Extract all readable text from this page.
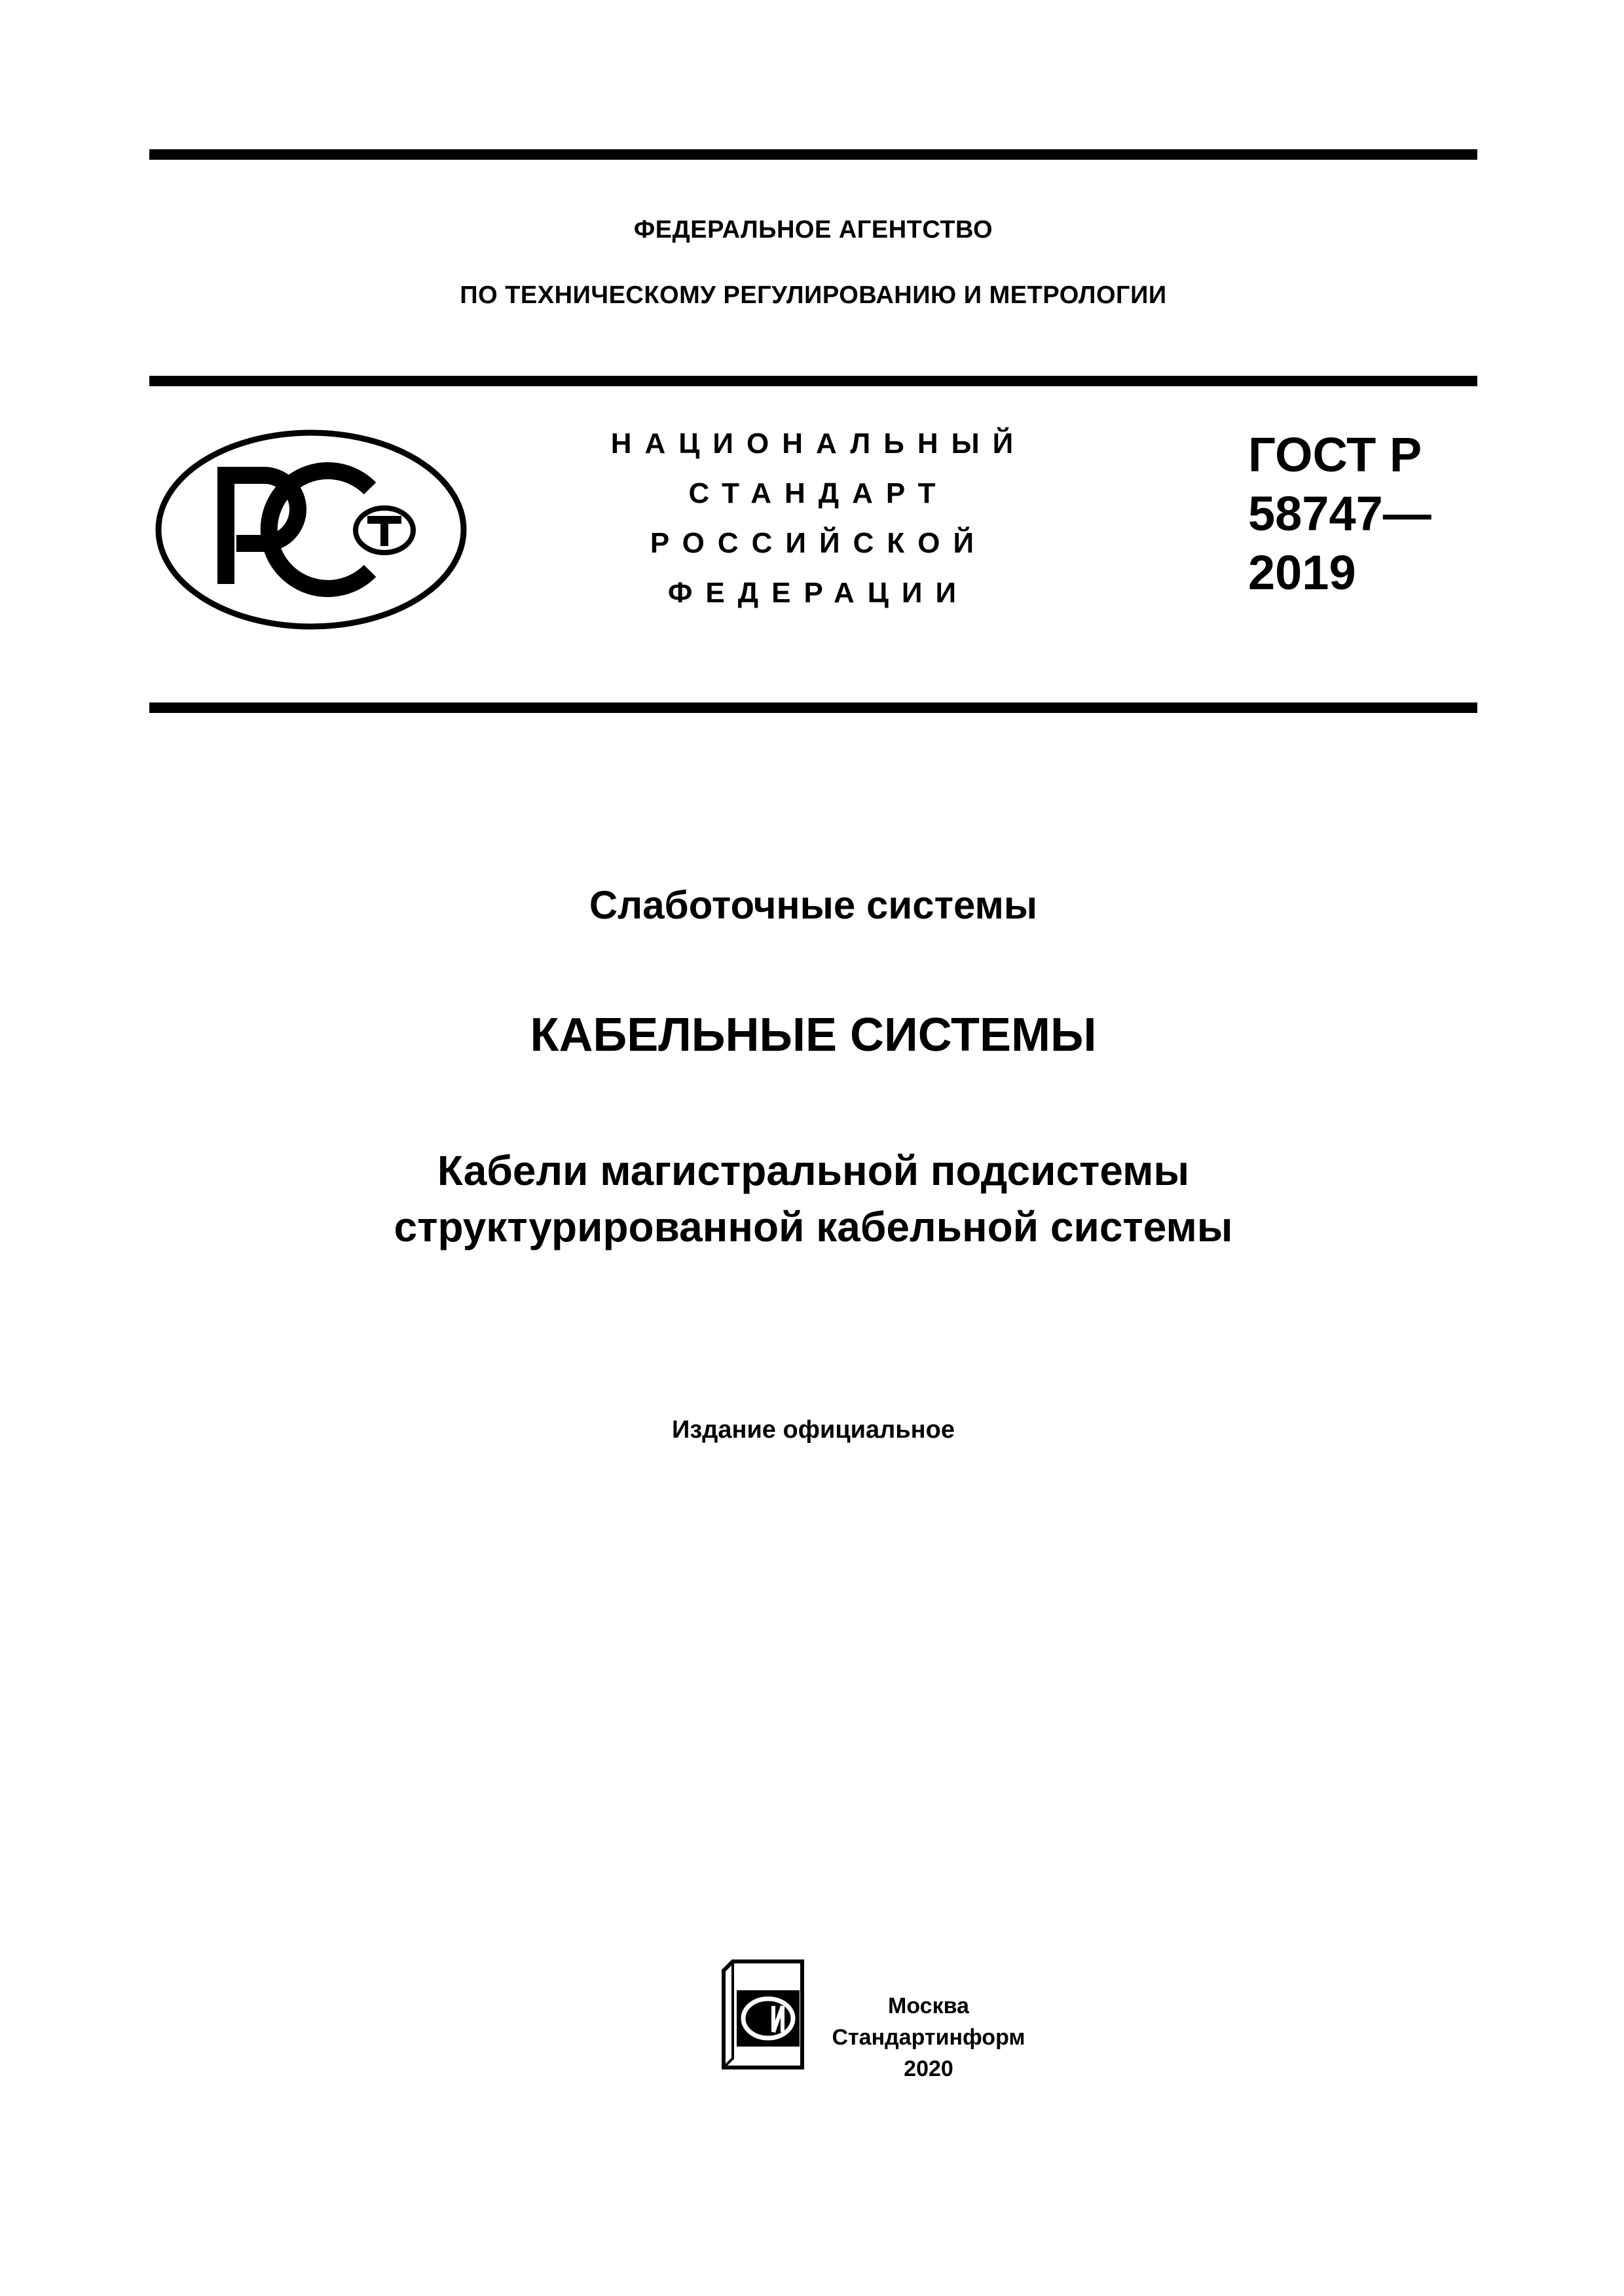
ФЕДЕРАЛЬНОЕ АГЕНТСТВО
ПО ТЕХНИЧЕСКОМУ РЕГУЛИРОВАНИЮ И МЕТРОЛОГИИ
НАЦИОНАЛЬНЫЙ
СТАНДАРТ
РОССИЙСКОЙ
ФЕДЕРАЦИИ
ГОСТ Р
58747—
2019
Слаботочные системы
КАБЕЛЬНЫЕ СИСТЕМЫ
Кабели магистральной подсистемы
структурированной кабельной системы
Издание официальное
Москва
Стандартинформ
2020
